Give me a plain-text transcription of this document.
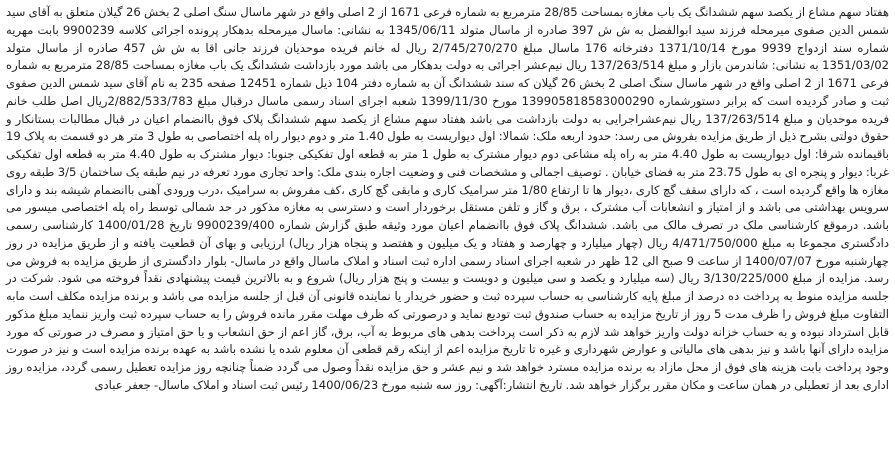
هفتاد سهم مشاع از یکصد سهم ششدانگ یک باب مغازه بمساحت 28/85 مترمربع به شماره فرعی 1671 از 2 اصلی واقع در شهر ماسال سنگ اصلی 2 بخش 26 گیلان متعلق به آقای سید شمس الدین صفوی میرمحله فرزند سید ابوالفضل به ش ش 397 صادره از ماسال متولد 1345/06/11 به نشانی: ماسال میرمحله بدهکار پرونده اجرائی کلاسه 9900239 بابت مهریه شماره سند ازدواج 9939 مورخ 1371/10/14 دفترخانه 176 ماسال مبلغ 2/745/270/270 ریال له خانم فریده موحدیان فرزند جانی اقا به ش ش 457 صادره از ماسال متولد 1351/03/02 به نشانی: شاندرمن بازار و مبلغ 137/263/514 ریال نیم‌عشر اجرائی به دولت بدهکار می باشد مورد بازداشت ششدانگ یک باب مغازه بمساحت 28/85 مترمربع به شماره فرعی 1671 از 2 اصلی واقع در شهر ماسال سنگ اصلی 2 بخش 26 گیلان که سند ششدانگ آن به شماره دفتر 104 ذیل شماره 12451 صفحه 235 به نام آقای سید شمس الدین صفوی ثبت و صادر گردیده است که برابر دستورشماره 139905818583000290 مورخ 1399/11/30 شعبه اجرای اسناد رسمی ماسال درقبال مبلغ 2/882/533/783ریال اصل طلب خانم فریده موحدیان و مبلغ 137/263/514 ریال نیم‌عشراجرایی به دولت بازداشت می باشد هفتاد سهم مشاع از یکصد سهم ششدانگ پلاک فوق باانضمام اعیان در قبال مطالبات بستانکار و حقوق دولتی بشرح ذیل از طریق مزایده بفروش می رسد: حدود اربعه ملک: شمالا: اول دیواریست به طول 1.40 متر و دوم دیوار راه پله اختصاصی به طول 3 متر هر دو قسمت به پلاک 19 باقیمانده شرقا: اول دیواریست به طول 4.40 متر به راه پله مشاعی دوم دیوار مشترک به طول 1 متر به قطعه اول تفکیکی جنوبا: دیوار مشترک به طول 4.40 متر به قطعه اول تفکیکی غربا: دیوار و پنجره ای به طول 23.75 متر به فضای خیابان . توصیف اجمالی و مشخصات فنی و وضعیت اجاره بندی ملک: واحد تجاری مورد تعرفه در نیم طبقه یک ساختمان 3/5 طبقه روی مغازه ها واقع گردیده است ، که دارای سقف گچ کاری ،دیوار ها تا ارتفاع 1/80 متر سرامیک کاری و مابقی گچ کاری ،کف مفروش به سرامیک ،درب ورودی آهنی باانضمام شیشه بند و دارای سرویس بهداشتی می باشد و از امتیاز و انشعابات آب مشترک ، برق و گاز و تلفن مستقل برخوردار است و دسترسی به مغازه مذکور در حد شمالی توسط راه پله اختصاصی میسور می باشد. درموقع کارشناسی ملک در تصرف مالک می باشد. ششدانگ پلاک فوق باانضمام اعیان مورد وثیقه طبق گزارش شماره 9900239/400 تاریخ 1400/01/28 کارشناسی رسمی دادگستری مجموعا به مبلغ 4/471/750/000 ریال (چهار میلیارد و چهارصد و هفتاد و یک میلیون و هفتصد و پنجاه هزار ریال) ارزیابی و بهای آن قطعیت یافته و از طریق مزایده در روز چهارشنبه مورخ 1400/07/07 از ساعت 9 صبح الی 12 ظهر در شعبه اجرای اسناد رسمی اداره ثبت اسناد و املاک ماسال واقع در ماسال- بلوار دادگستری از طریق مزایده به فروش می رسد. مزایده از مبلغ 3/130/225/000 ریال (سه میلیارد و یکصد و سی میلیون و دویست و بیست و پنج هزار ریال) شروع و به بالاترین قیمت پیشنهادی نقداً فروخته می شود. شرکت در جلسه مزایده منوط به پرداخت ده درصد از مبلغ پایه کارشناسی به حساب سپرده ثبت و حضور خریدار یا نماینده قانونی آن قبل از جلسه مزایده می باشد و برنده مزایده مکلف است مابه التفاوت مبلغ فروش را ظرف مدت 5 روز از تاریخ مزایده به حساب صندوق ثبت تودیع نماید و درصورتی که ظرف مهلت مقرر مانده فروش را به حساب سپرده ثبت واریز ننماید مبلغ مذکور قابل استرداد نبوده و به حساب خزانه دولت واریز خواهد شد لازم به ذکر است پرداخت بدهی های مربوط به آب، برق، گاز اعم از حق انشعاب و یا حق امتیاز و مصرف در صورتی که مورد مزایده دارای آنها باشد و نیز بدهی های مالیاتی و عوارض شهرداری و غیره تا تاریخ مزایده اعم از اینکه رقم قطعی آن معلوم شده یا نشده باشد به عهده برنده مزایده است و نیز در صورت وجود پرداخت بابت هزینه های فوق از محل مازاد به برنده مزایده مسترد خواهد شد و نیم عشر و حق مزایده نقداً وصول می گردد ضمناً چنانچه روز مزایده تعطیل رسمی گردد، مزایده روز اداری بعد از تعطیلی در همان ساعت و مکان مقرر برگزار خواهد شد. تاریخ انتشار:آگهی: روز سه شنبه مورخ 1400/06/23 رئیس ثبت اسناد و املاک ماسال- جعفر عبادی
